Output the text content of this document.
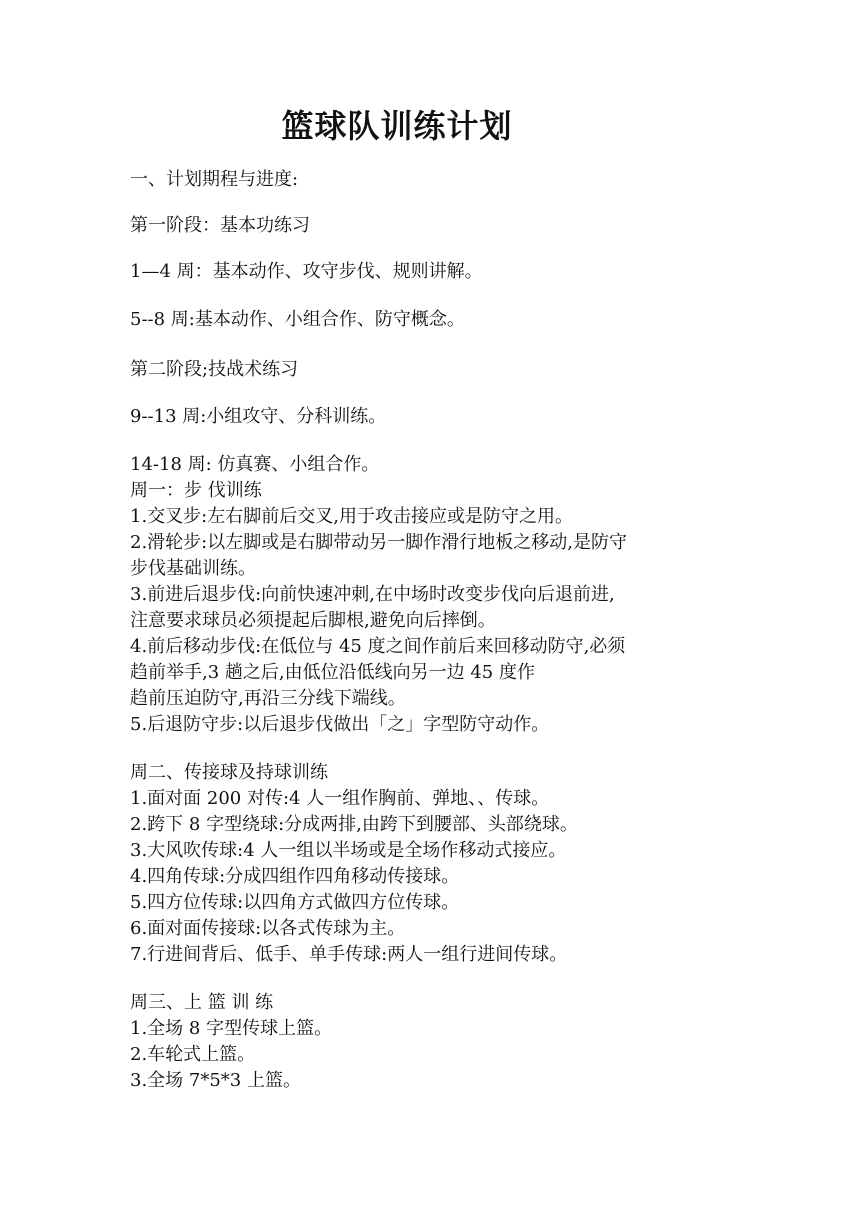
篮球队训练计划

一、计划期程与进度:

第一阶段：基本功练习

1—4 周：基本动作、攻守步伐、规则讲解。

5--8 周:基本动作、小组合作、防守概念。

第二阶段;技战术练习

9--13 周:小组攻守、分科训练。

14-18 周: 仿真赛、小组合作。

周一：步 伐训练

1.交叉步:左右脚前后交叉,用于攻击接应或是防守之用。

2.滑轮步:以左脚或是右脚带动另一脚作滑行地板之移动,是防守

步伐基础训练。

3.前进后退步伐:向前快速冲刺,在中场时改变步伐向后退前进,

注意要求球员必须提起后脚根,避免向后摔倒。

4.前后移动步伐:在低位与 45 度之间作前后来回移动防守,必须

趋前举手,3 趟之后,由低位沿低线向另一边 45 度作

趋前压迫防守,再沿三分线下端线。

5.后退防守步:以后退步伐做出「之」字型防守动作。

周二、传接球及持球训练

1.面对面 200 对传:4 人一组作胸前、弹地、、传球。

2.跨下 8 字型绕球:分成两排,由跨下到腰部、头部绕球。

3.大风吹传球:4 人一组以半场或是全场作移动式接应。

4.四角传球:分成四组作四角移动传接球。

5.四方位传球:以四角方式做四方位传球。

6.面对面传接球:以各式传球为主。

7.行进间背后、低手、单手传球:两人一组行进间传球。

周三、上 篮 训 练

1.全场 8 字型传球上篮。

2.车轮式上篮。

3.全场 7*5*3 上篮。
